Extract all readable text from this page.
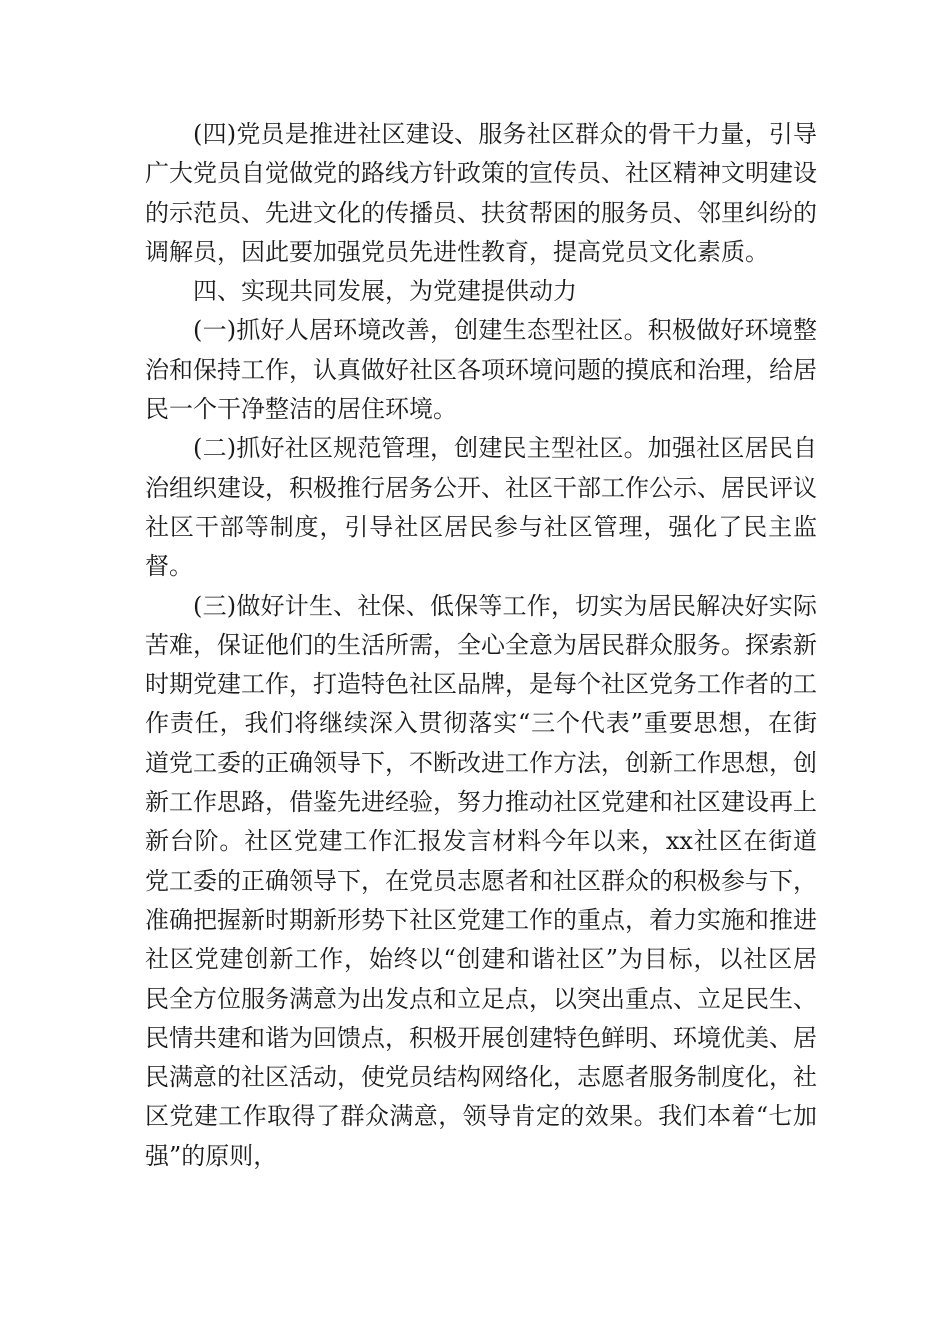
(四)党员是推进社区建设、服务社区群众的骨干力量，引导广大党员自觉做党的路线方针政策的宣传员、社区精神文明建设的示范员、先进文化的传播员、扶贫帮困的服务员、邻里纠纷的调解员，因此要加强党员先进性教育，提高党员文化素质。

四、实现共同发展，为党建提供动力

(一)抓好人居环境改善，创建生态型社区。积极做好环境整治和保持工作，认真做好社区各项环境问题的摸底和治理，给居民一个干净整洁的居住环境。

(二)抓好社区规范管理，创建民主型社区。加强社区居民自治组织建设，积极推行居务公开、社区干部工作公示、居民评议社区干部等制度，引导社区居民参与社区管理，强化了民主监督。

(三)做好计生、社保、低保等工作，切实为居民解决好实际苦难，保证他们的生活所需，全心全意为居民群众服务。探索新时期党建工作，打造特色社区品牌，是每个社区党务工作者的工作责任，我们将继续深入贯彻落实“三个代表”重要思想，在街道党工委的正确领导下，不断改进工作方法，创新工作思想，创新工作思路，借鉴先进经验，努力推动社区党建和社区建设再上新台阶。社区党建工作汇报发言材料今年以来，xx社区在街道党工委的正确领导下，在党员志愿者和社区群众的积极参与下，准确把握新时期新形势下社区党建工作的重点，着力实施和推进社区党建创新工作，始终以“创建和谐社区”为目标，以社区居民全方位服务满意为出发点和立足点，以突出重点、立足民生、民情共建和谐为回馈点，积极开展创建特色鲜明、环境优美、居民满意的社区活动，使党员结构网络化，志愿者服务制度化，社区党建工作取得了群众满意，领导肯定的效果。我们本着“七加强”的原则，
